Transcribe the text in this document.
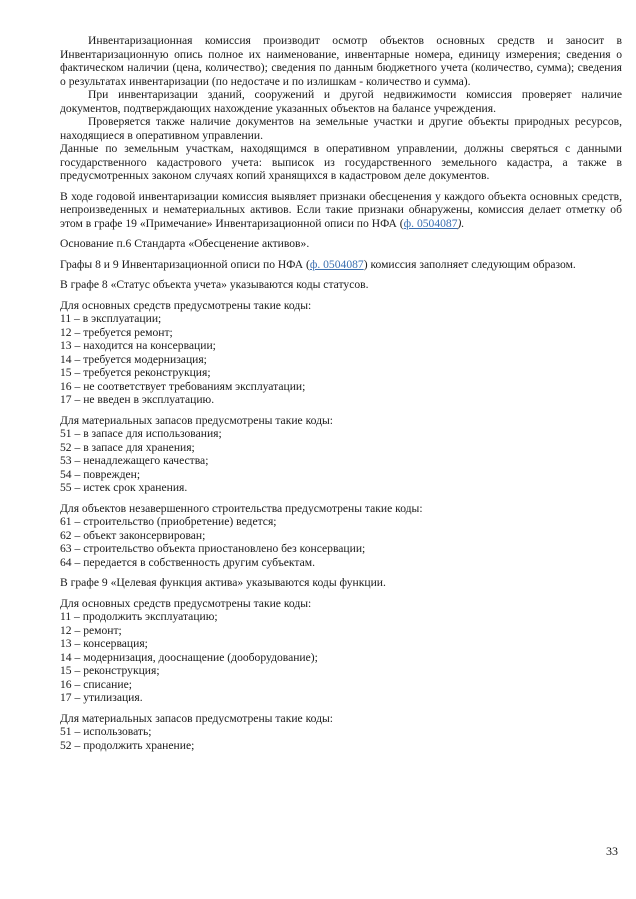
Инвентаризационная комиссия производит осмотр объектов основных средств и заносит в Инвентаризационную опись полное их наименование, инвентарные номера, единицу измерения; сведения о фактическом наличии (цена, количество); сведения по данным бюджетного учета (количество, сумма); сведения о результатах инвентаризации (по недостаче и по излишкам - количество и сумма).

При инвентаризации зданий, сооружений и другой недвижимости комиссия проверяет наличие документов, подтверждающих нахождение указанных объектов на балансе учреждения.

Проверяется также наличие документов на земельные участки и другие объекты природных ресурсов, находящиеся в оперативном управлении.

Данные по земельным участкам, находящимся в оперативном управлении, должны сверяться с данными государственного кадастрового учета: выписок из государственного земельного кадастра, а также в предусмотренных законом случаях копий хранящихся в кадастровом деле документов.

В ходе годовой инвентаризации комиссия выявляет признаки обесценения у каждого объекта основных средств, непроизведенных и нематериальных активов. Если такие признаки обнаружены, комиссия делает отметку об этом в графе 19 «Примечание» Инвентаризационной описи по НФА (ф. 0504087).

Основание п.6 Стандарта «Обесценение активов».

Графы 8 и 9 Инвентаризационной описи по НФА (ф. 0504087) комиссия заполняет следующим образом.

В графе 8 «Статус объекта учета» указываются коды статусов.

Для основных средств предусмотрены такие коды:

11 – в эксплуатации;
12 – требуется ремонт;
13 – находится на консервации;
14 – требуется модернизация;
15 – требуется реконструкция;
16 – не соответствует требованиям эксплуатации;
17 – не введен в эксплуатацию.

Для материальных запасов предусмотрены такие коды:

51 – в запасе для использования;
52 – в запасе для хранения;
53 – ненадлежащего качества;
54 – поврежден;
55 – истек срок хранения.

Для объектов незавершенного строительства предусмотрены такие коды:

61 – строительство (приобретение) ведется;
62 – объект законсервирован;
63 – строительство объекта приостановлено без консервации;
64 – передается в собственность другим субъектам.

В графе 9 «Целевая функция актива» указываются коды функции.

Для основных средств предусмотрены такие коды:

11 – продолжить эксплуатацию;
12 – ремонт;
13 – консервация;
14 – модернизация, дооснащение (дооборудование);
15 – реконструкция;
16 – списание;
17 – утилизация.

Для материальных запасов предусмотрены такие коды:

51 – использовать;
52 – продолжить хранение;
33
